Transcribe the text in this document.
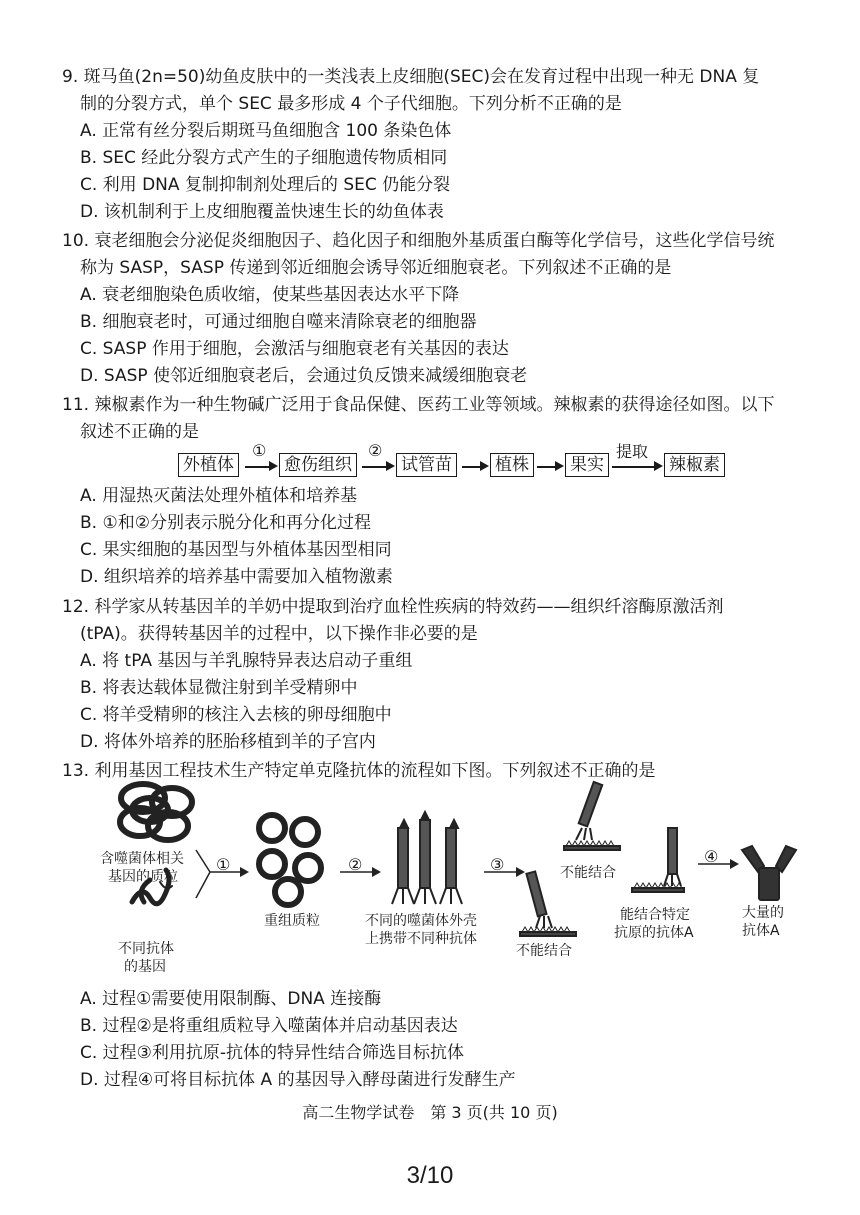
9. 斑马鱼(2n=50)幼鱼皮肤中的一类浅表上皮细胞(SEC)会在发育过程中出现一种无 DNA 复
制的分裂方式，单个 SEC 最多形成 4 个子代细胞。下列分析不正确的是
A. 正常有丝分裂后期斑马鱼细胞含 100 条染色体
B. SEC 经此分裂方式产生的子细胞遗传物质相同
C. 利用 DNA 复制抑制剂处理后的 SEC 仍能分裂
D. 该机制利于上皮细胞覆盖快速生长的幼鱼体表
10. 衰老细胞会分泌促炎细胞因子、趋化因子和细胞外基质蛋白酶等化学信号，这些化学信号统
称为 SASP，SASP 传递到邻近细胞会诱导邻近细胞衰老。下列叙述不正确的是
A. 衰老细胞染色质收缩，使某些基因表达水平下降
B. 细胞衰老时，可通过细胞自噬来清除衰老的细胞器
C. SASP 作用于细胞，会激活与细胞衰老有关基因的表达
D. SASP 使邻近细胞衰老后，会通过负反馈来减缓细胞衰老
11. 辣椒素作为一种生物碱广泛用于食品保健、医药工业等领域。辣椒素的获得途径如图。以下
叙述不正确的是
外植体
①
愈伤组织
②
试管苗	植株 果实
提取
辣椒素
A. 用湿热灭菌法处理外植体和培养基
B. ①和②分别表示脱分化和再分化过程
C. 果实细胞的基因型与外植体基因型相同
D. 组织培养的培养基中需要加入植物激素
12. 科学家从转基因羊的羊奶中提取到治疗血栓性疾病的特效药——组织纤溶酶原激活剂
(tPA)。获得转基因羊的过程中，以下操作非必要的是
A. 将 tPA 基因与羊乳腺特异表达启动子重组
B. 将表达载体显微注射到羊受精卵中
C. 将羊受精卵的核注入去核的卵母细胞中
D. 将体外培养的胚胎移植到羊的子宫内
13. 利用基因工程技术生产特定单克隆抗体的流程如下图。下列叙述不正确的是
含噬菌体相关
基因的质粒
①
不同抗体
的基因
重组质粒
②
不同的噬菌体外壳
上携带不同种抗体
③	不能结合
不能结合
能结合特定
抗原的抗体A
④
大量的
抗体A
A. 过程①需要使用限制酶、DNA 连接酶
B. 过程②是将重组质粒导入噬菌体并启动基因表达
C. 过程③利用抗原-抗体的特异性结合筛选目标抗体
D. 过程④可将目标抗体 A 的基因导入酵母菌进行发酵生产
高二生物学试卷　第 3 页(共 10 页)
3/10
